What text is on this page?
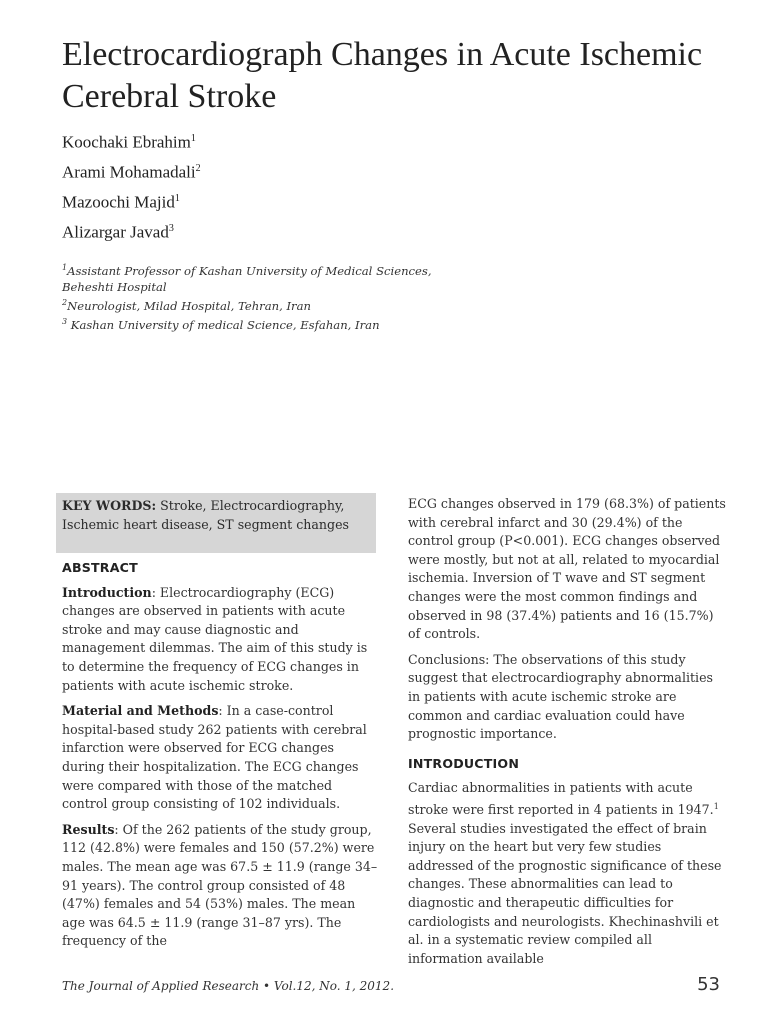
Electrocardiograph Changes in Acute Ischemic Cerebral Stroke
Koochaki Ebrahim$^1$
Arami Mohamadali$^2$
Mazoochi Majid$^1$
Alizargar Javad$^3$
$^1$Assistant Professor of Kashan University of Medical Sciences, Beheshti Hospital
$^2$Neurologist, Milad Hospital, Tehran, Iran
$^3$ Kashan University of medical Science, Esfahan, Iran
KEY WORDS: Stroke, Electrocardiography, Ischemic heart disease, ST segment changes
ABSTRACT

Introduction: Electrocardiography (ECG) changes are observed in patients with acute stroke and may cause diagnostic and management dilemmas. The aim of this study is to determine the frequency of ECG changes in patients with acute ischemic stroke.

Material and Methods: In a case-control hospital-based study 262 patients with cerebral infarction were observed for ECG changes during their hospitalization. The ECG changes were compared with those of the matched control group consisting of 102 individuals.

Results: Of the 262 patients of the study group, 112 (42.8%) were females and 150 (57.2%) were males. The mean age was 67.5 ± 11.9 (range 34–91 years). The control group consisted of 48 (47%) females and 54 (53%) males. The mean age was 64.5 ± 11.9 (range 31–87 yrs). The frequency of the

ECG changes observed in 179 (68.3%) of patients with cerebral infarct and 30 (29.4%) of the control group (P<0.001). ECG changes observed were mostly, but not at all, related to myocardial ischemia. Inversion of T wave and ST segment changes were the most common findings and observed in 98 (37.4%) patients and 16 (15.7%) of controls.

Conclusions: The observations of this study suggest that electrocardiography abnormalities in patients with acute ischemic stroke are common and cardiac evaluation could have prognostic importance.

INTRODUCTION

Cardiac abnormalities in patients with acute stroke were first reported in 4 patients in 1947.$^1$ Several studies investigated the effect of brain injury on the heart but very few studies addressed of the prognostic significance of these changes. These abnormalities can lead to diagnostic and therapeutic difficulties for cardiologists and neurologists. Khechinashvili et al. in a systematic review compiled all information available

The Journal of Applied Research • Vol.12, No. 1, 2012.	53
